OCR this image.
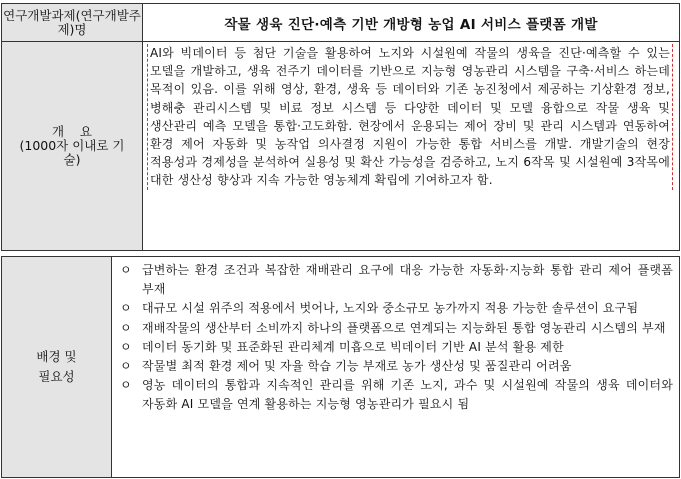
연구개발과제(연구개발주제)명	작물 생육 진단·예측 기반 개방형 농업 AI 서비스 플랫폼 개발

개    요
(1000자 이내로 기술)	AI와 빅데이터 등 첨단 기술을 활용하여 노지와 시설원예 작물의 생육을 진단·예측할 수 있는 모델을 개발하고, 생육 전주기 데이터를 기반으로 지능형 영농관리 시스템을 구축·서비스 하는데 목적이 있음. 이를 위해 영상, 환경, 생육 등 데이터와 기존 농진청에서 제공하는 기상환경 정보, 병해충 관리시스템 및 비료 정보 시스템 등 다양한 데이터 및 모델 융합으로 작물 생육 및 생산관리 예측 모델을 통합·고도화함. 현장에서 운용되는 제어 장비 및 관리 시스템과 연동하여 환경 제어 자동화 및 농작업 의사결정 지원이 가능한 통합 서비스를 개발. 개발기술의 현장 적용성과 경제성을 분석하여 실용성 및 확산 가능성을 검증하고, 노지 6작목 및 시설원예 3작목에 대한 생산성 향상과 지속 가능한 영농체계 확립에 기여하고자 함.
배경 및 필요성

ㅇ 급변하는 환경 조건과 복잡한 재배관리 요구에 대응 가능한 자동화·지능화 통합 관리 제어 플랫폼 부재
ㅇ 대규모 시설 위주의 적용에서 벗어나, 노지와 중소규모 농가까지 적용 가능한 솔루션이 요구됨
ㅇ 재배작물의 생산부터 소비까지 하나의 플랫폼으로 연계되는 지능화된 통합 영농관리 시스템의 부재
ㅇ 데이터 동기화 및 표준화된 관리체계 미흡으로 빅데이터 기반 AI 분석 활용 제한
ㅇ 작물별 최적 환경 제어 및 자율 학습 기능 부재로 농가 생산성 및 품질관리 어려움
ㅇ 영농 데이터의 통합과 지속적인 관리를 위해 기존 노지, 과수 및 시설원예 작물의 생육 데이터와 자동화 AI 모델을 연계 활용하는 지능형 영농관리가 필요시 됨
